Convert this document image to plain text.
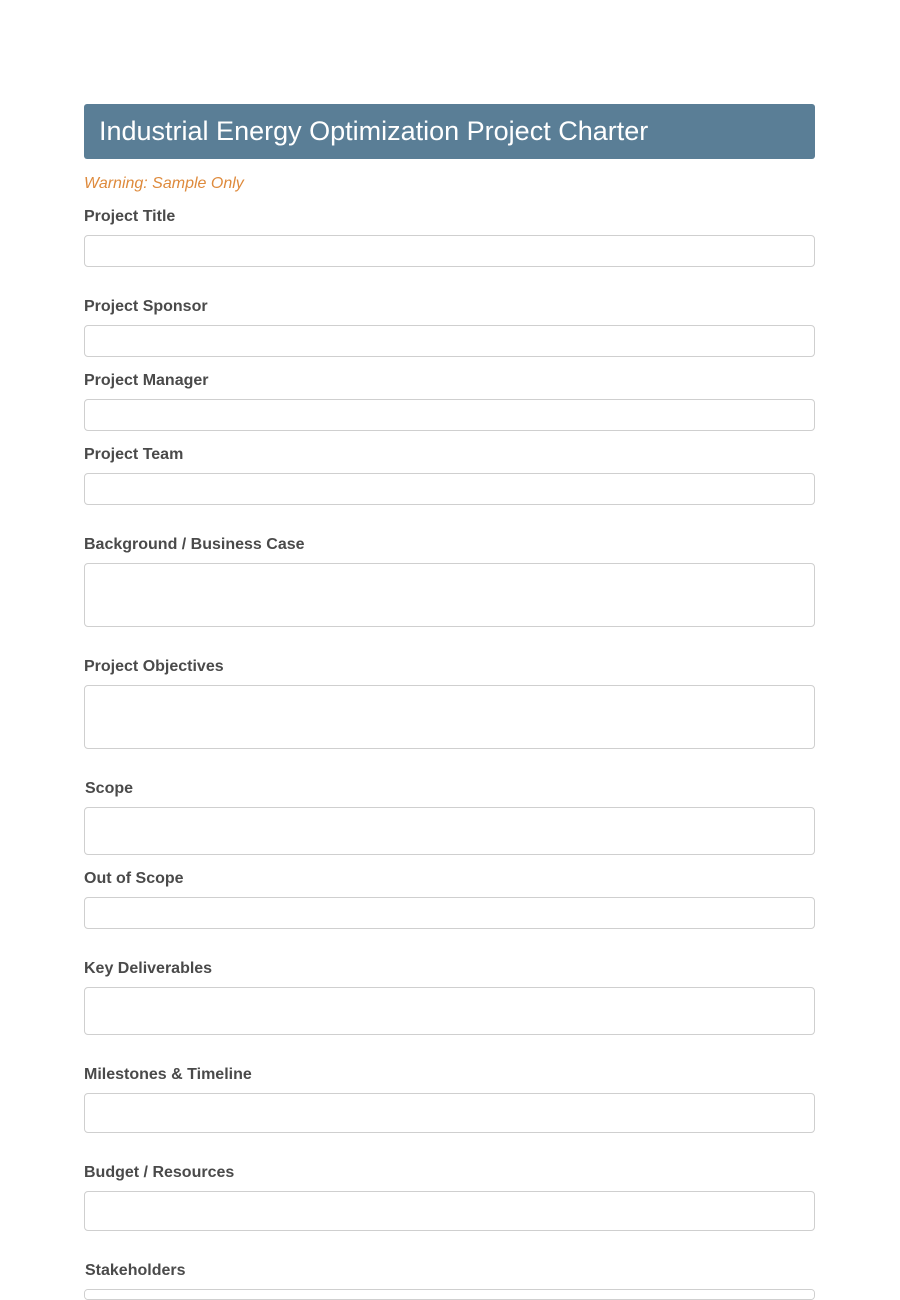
Industrial Energy Optimization Project Charter
Warning: Sample Only
Project Title
Project Sponsor
Project Manager
Project Team
Background / Business Case
Project Objectives
Scope
Out of Scope
Key Deliverables
Milestones & Timeline
Budget / Resources
Stakeholders
